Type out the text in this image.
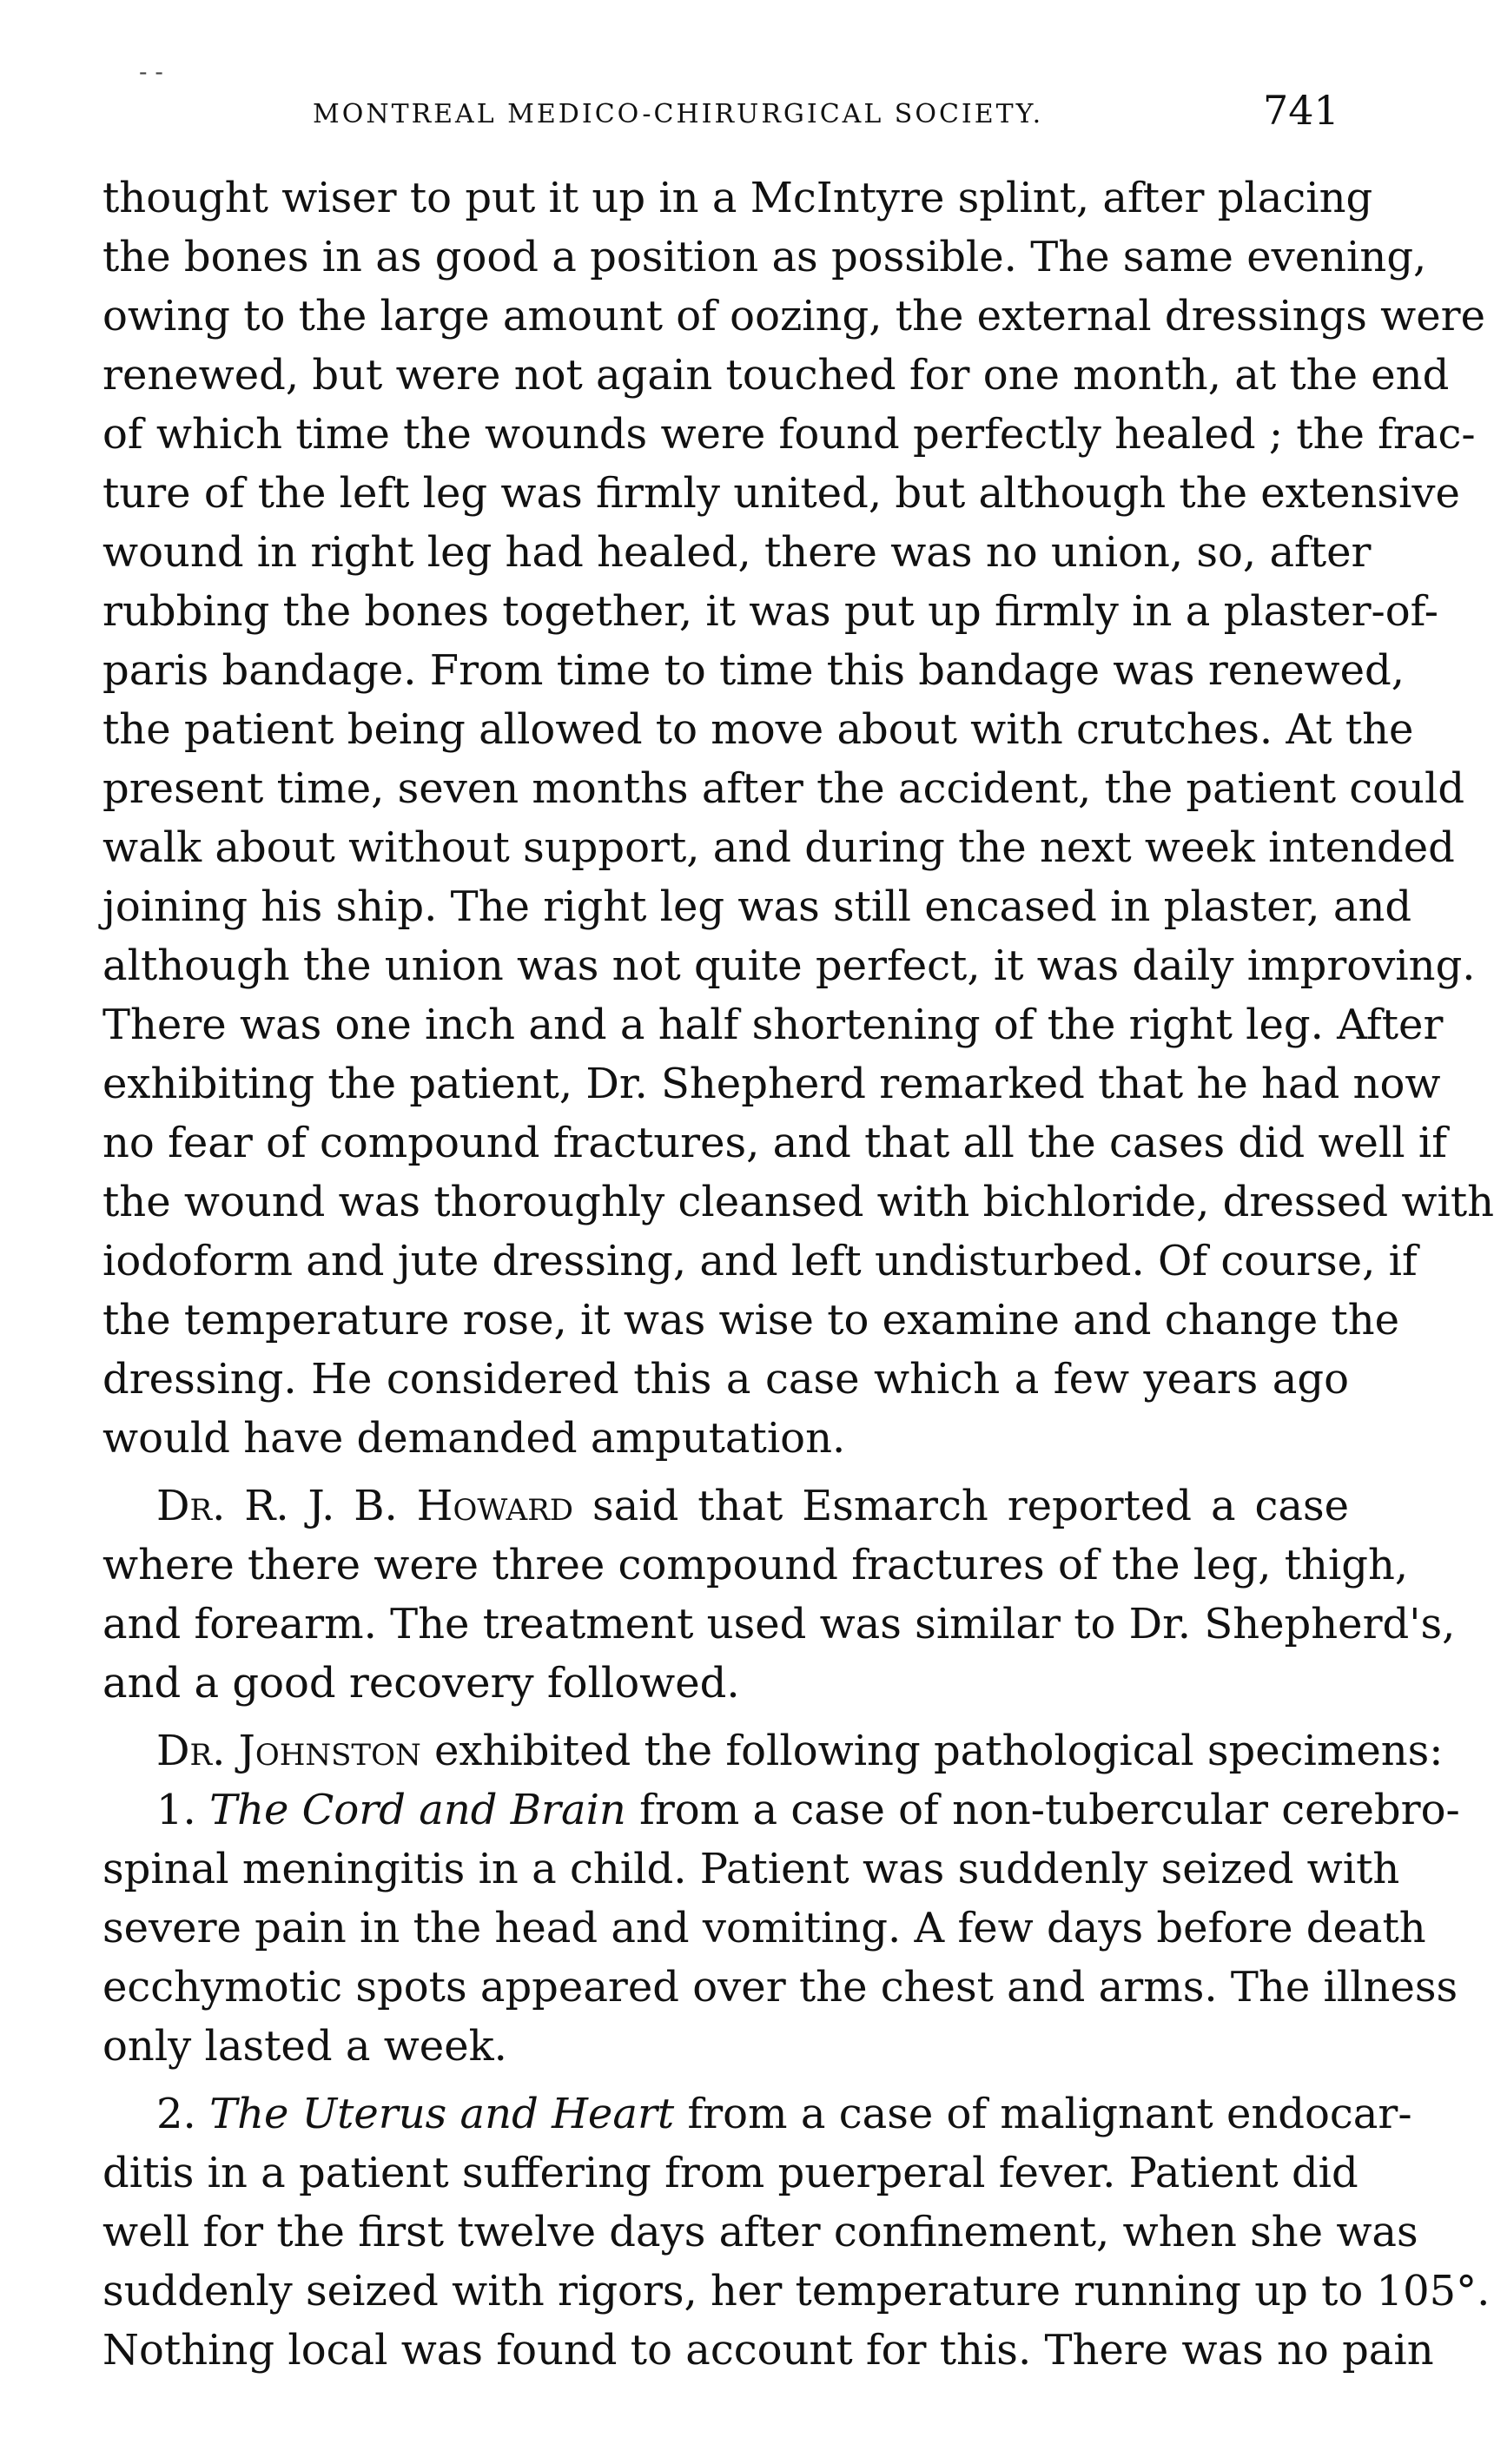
- -
MONTREAL MEDICO-CHIRURGICAL SOCIETY.	741
thought wiser to put it up in a McIntyre splint, after placing
the bones in as good a position as possible. The same evening,
owing to the large amount of oozing, the external dressings were
renewed, but were not again touched for one month, at the end
of which time the wounds were found perfectly healed ; the frac-
ture of the left leg was firmly united, but although the extensive
wound in right leg had healed, there was no union, so, after
rubbing the bones together, it was put up firmly in a plaster-of-
paris bandage. From time to time this bandage was renewed,
the patient being allowed to move about with crutches. At the
present time, seven months after the accident, the patient could
walk about without support, and during the next week intended
joining his ship. The right leg was still encased in plaster, and
although the union was not quite perfect, it was daily improving.
There was one inch and a half shortening of the right leg. After
exhibiting the patient, Dr. Shepherd remarked that he had now
no fear of compound fractures, and that all the cases did well if
the wound was thoroughly cleansed with bichloride, dressed with
iodoform and jute dressing, and left undisturbed. Of course, if
the temperature rose, it was wise to examine and change the
dressing. He considered this a case which a few years ago
would have demanded amputation.
Dr. R. J. B. Howard said that Esmarch reported a case
where there were three compound fractures of the leg, thigh,
and forearm. The treatment used was similar to Dr. Shepherd's,
and a good recovery followed.
Dr. Johnston exhibited the following pathological specimens:
1. The Cord and Brain from a case of non-tubercular cerebro-
spinal meningitis in a child. Patient was suddenly seized with
severe pain in the head and vomiting. A few days before death
ecchymotic spots appeared over the chest and arms. The illness
only lasted a week.
2. The Uterus and Heart from a case of malignant endocar-
ditis in a patient suffering from puerperal fever. Patient did
well for the first twelve days after confinement, when she was
suddenly seized with rigors, her temperature running up to 105°.
Nothing local was found to account for this. There was no pain
